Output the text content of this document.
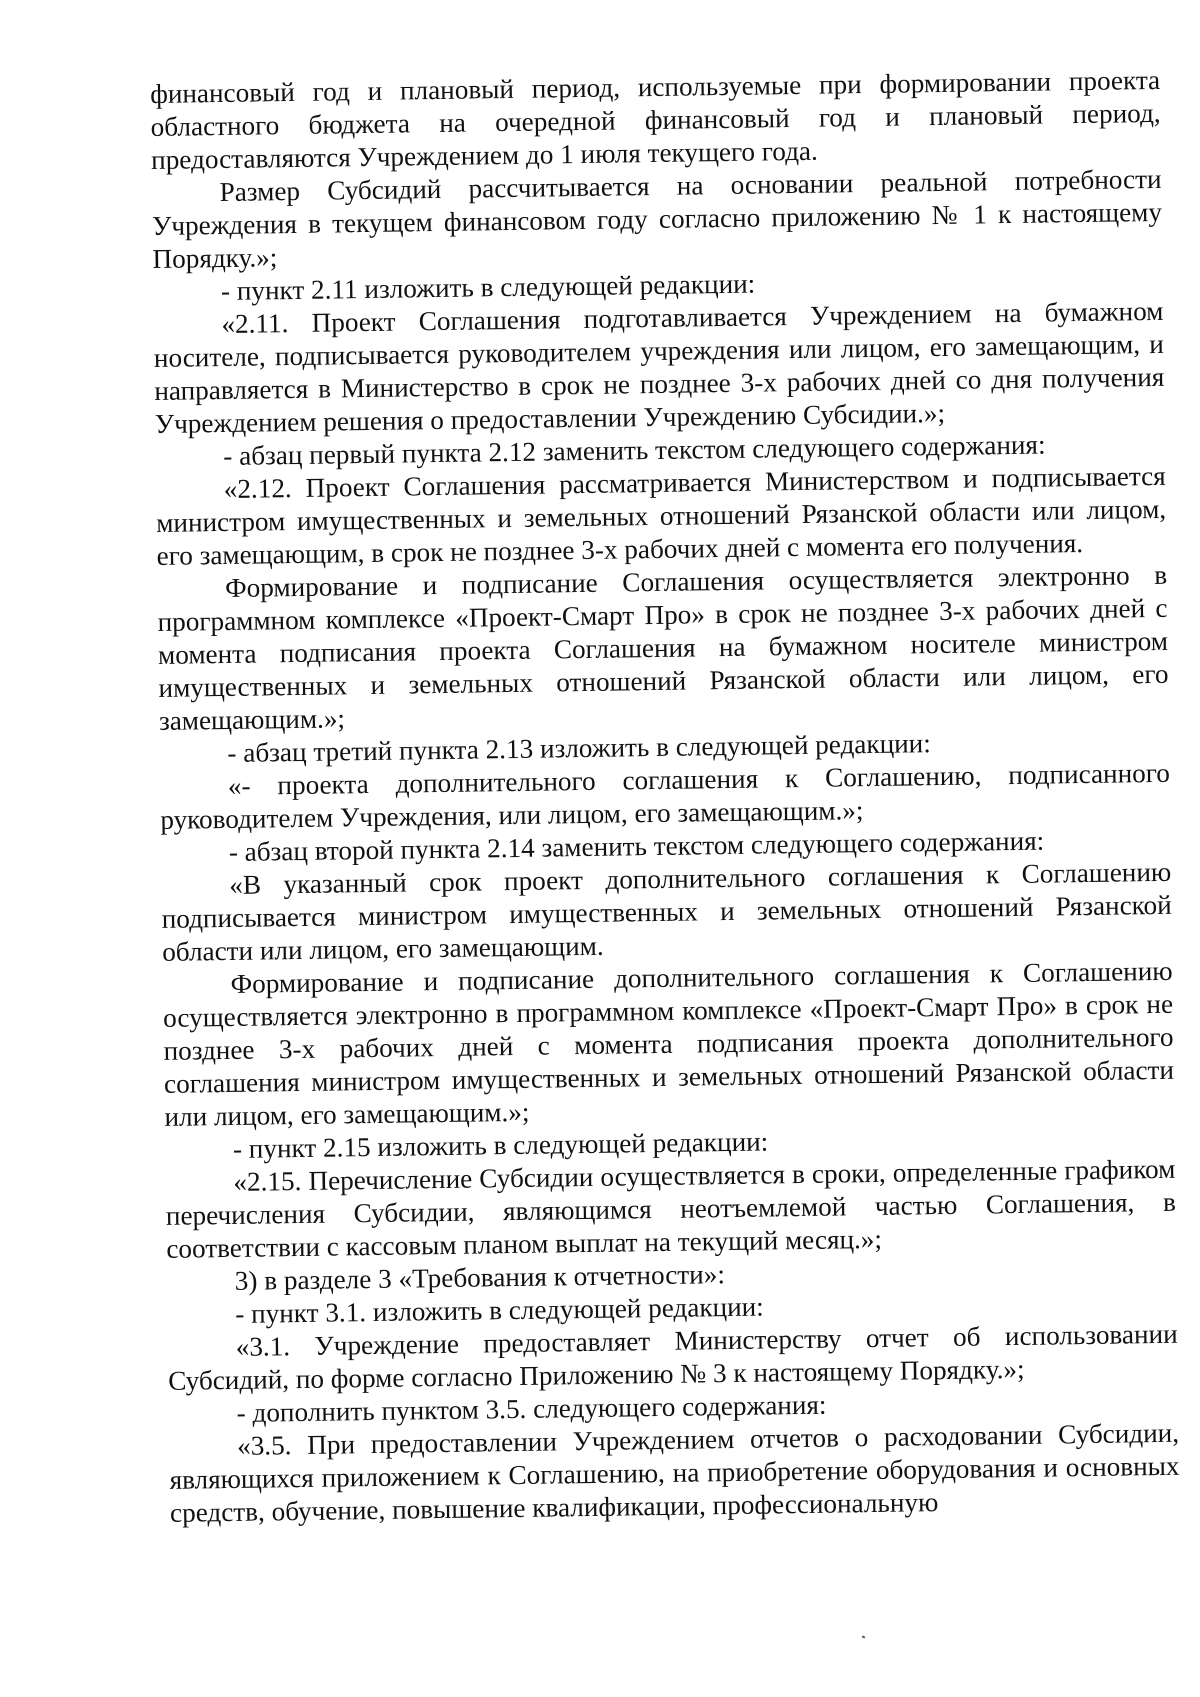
финансовый год и плановый период, используемые при формировании проекта областного бюджета на очередной финансовый год и плановый период, предоставляются Учреждением до 1 июля текущего года.

Размер Субсидий рассчитывается на основании реальной потребности Учреждения в текущем финансовом году согласно приложению № 1 к настоящему Порядку.»;

- пункт 2.11 изложить в следующей редакции:

«2.11. Проект Соглашения подготавливается Учреждением на бумажном носителе, подписывается руководителем учреждения или лицом, его замещающим, и направляется в Министерство в срок не позднее 3-х рабочих дней со дня получения Учреждением решения о предоставлении Учреждению Субсидии.»;

- абзац первый пункта 2.12 заменить текстом следующего содержания:

«2.12. Проект Соглашения рассматривается Министерством и подписывается министром имущественных и земельных отношений Рязанской области или лицом, его замещающим, в срок не позднее 3-х рабочих дней с момента его получения.

Формирование и подписание Соглашения осуществляется электронно в программном комплексе «Проект-Смарт Про» в срок не позднее 3-х рабочих дней с момента подписания проекта Соглашения на бумажном носителе министром имущественных и земельных отношений Рязанской области или лицом, его замещающим.»;

- абзац третий пункта 2.13 изложить в следующей редакции:

«- проекта дополнительного соглашения к Соглашению, подписанного руководителем Учреждения, или лицом, его замещающим.»;

- абзац второй пункта 2.14 заменить текстом следующего содержания:

«В указанный срок проект дополнительного соглашения к Соглашению подписывается министром имущественных и земельных отношений Рязанской области или лицом, его замещающим.

Формирование и подписание дополнительного соглашения к Соглашению осуществляется электронно в программном комплексе «Проект-Смарт Про» в срок не позднее 3-х рабочих дней с момента подписания проекта дополнительного соглашения министром имущественных и земельных отношений Рязанской области или лицом, его замещающим.»;

- пункт 2.15 изложить в следующей редакции:

«2.15. Перечисление Субсидии осуществляется в сроки, определенные графиком перечисления Субсидии, являющимся неотъемлемой частью Соглашения, в соответствии с кассовым планом выплат на текущий месяц.»;

3) в разделе 3 «Требования к отчетности»:

- пункт 3.1. изложить в следующей редакции:

«3.1. Учреждение предоставляет Министерству отчет об использовании Субсидий, по форме согласно Приложению № 3 к настоящему Порядку.»;

- дополнить пунктом 3.5. следующего содержания:

«3.5. При предоставлении Учреждением отчетов о расходовании Субсидии, являющихся приложением к Соглашению, на приобретение оборудования и основных средств, обучение, повышение квалификации, профессиональную
